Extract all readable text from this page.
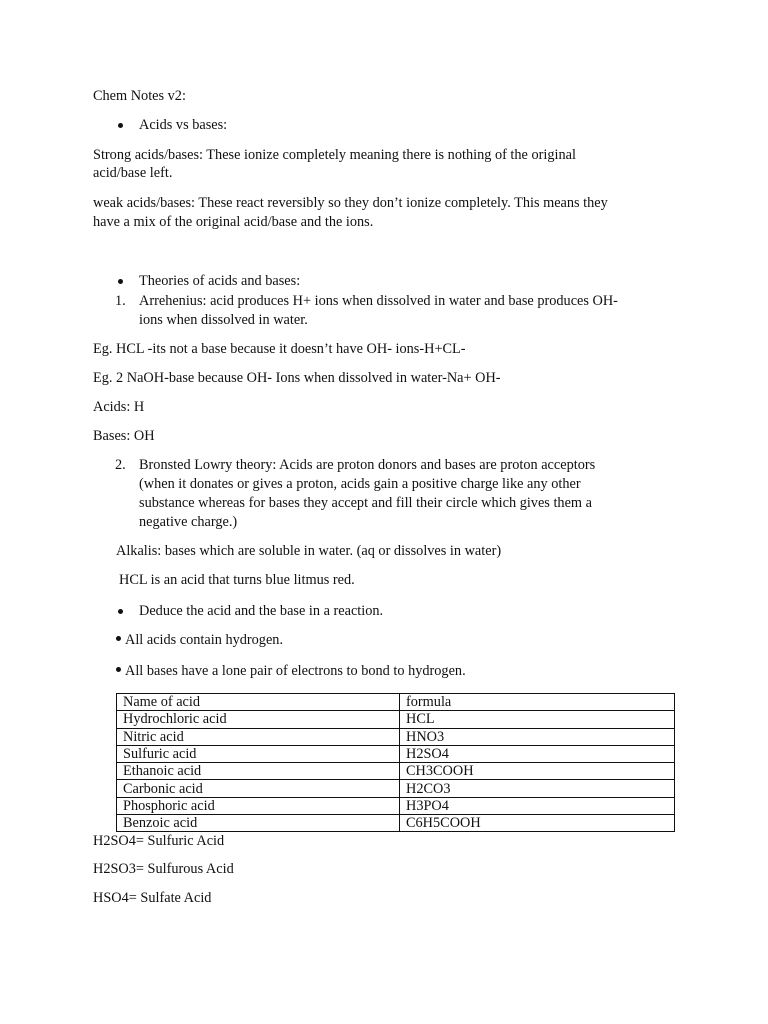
Chem Notes v2:
Acids vs bases:
Strong acids/bases: These ionize completely meaning there is nothing of the original
acid/base left.
weak acids/bases: These react reversibly so they don’t ionize completely. This means they
have a mix of the original acid/base and the ions.
Theories of acids and bases:
1. Arrehenius: acid produces H+ ions when dissolved in water and base produces OH-
ions when dissolved in water.
Eg. HCL -its not a base because it doesn’t have OH- ions-H+CL-
Eg. 2 NaOH-base because OH- Ions when dissolved in water-Na+ OH-
Acids: H
Bases: OH
2. Bronsted Lowry theory: Acids are proton donors and bases are proton acceptors
(when it donates or gives a proton, acids gain a positive charge like any other
substance whereas for bases they accept and fill their circle which gives them a
negative charge.)
Alkalis: bases which are soluble in water. (aq or dissolves in water)
HCL is an acid that turns blue litmus red.
Deduce the acid and the base in a reaction.
All acids contain hydrogen.
All bases have a lone pair of electrons to bond to hydrogen.
Name of acid	formula
Hydrochloric acid	HCL
Nitric acid	HNO3
Sulfuric acid	H2SO4
Ethanoic acid	CH3COOH
Carbonic acid	H2CO3
Phosphoric acid	H3PO4
Benzoic acid	C6H5COOH
H2SO4= Sulfuric Acid
H2SO3= Sulfurous Acid
HSO4= Sulfate Acid
